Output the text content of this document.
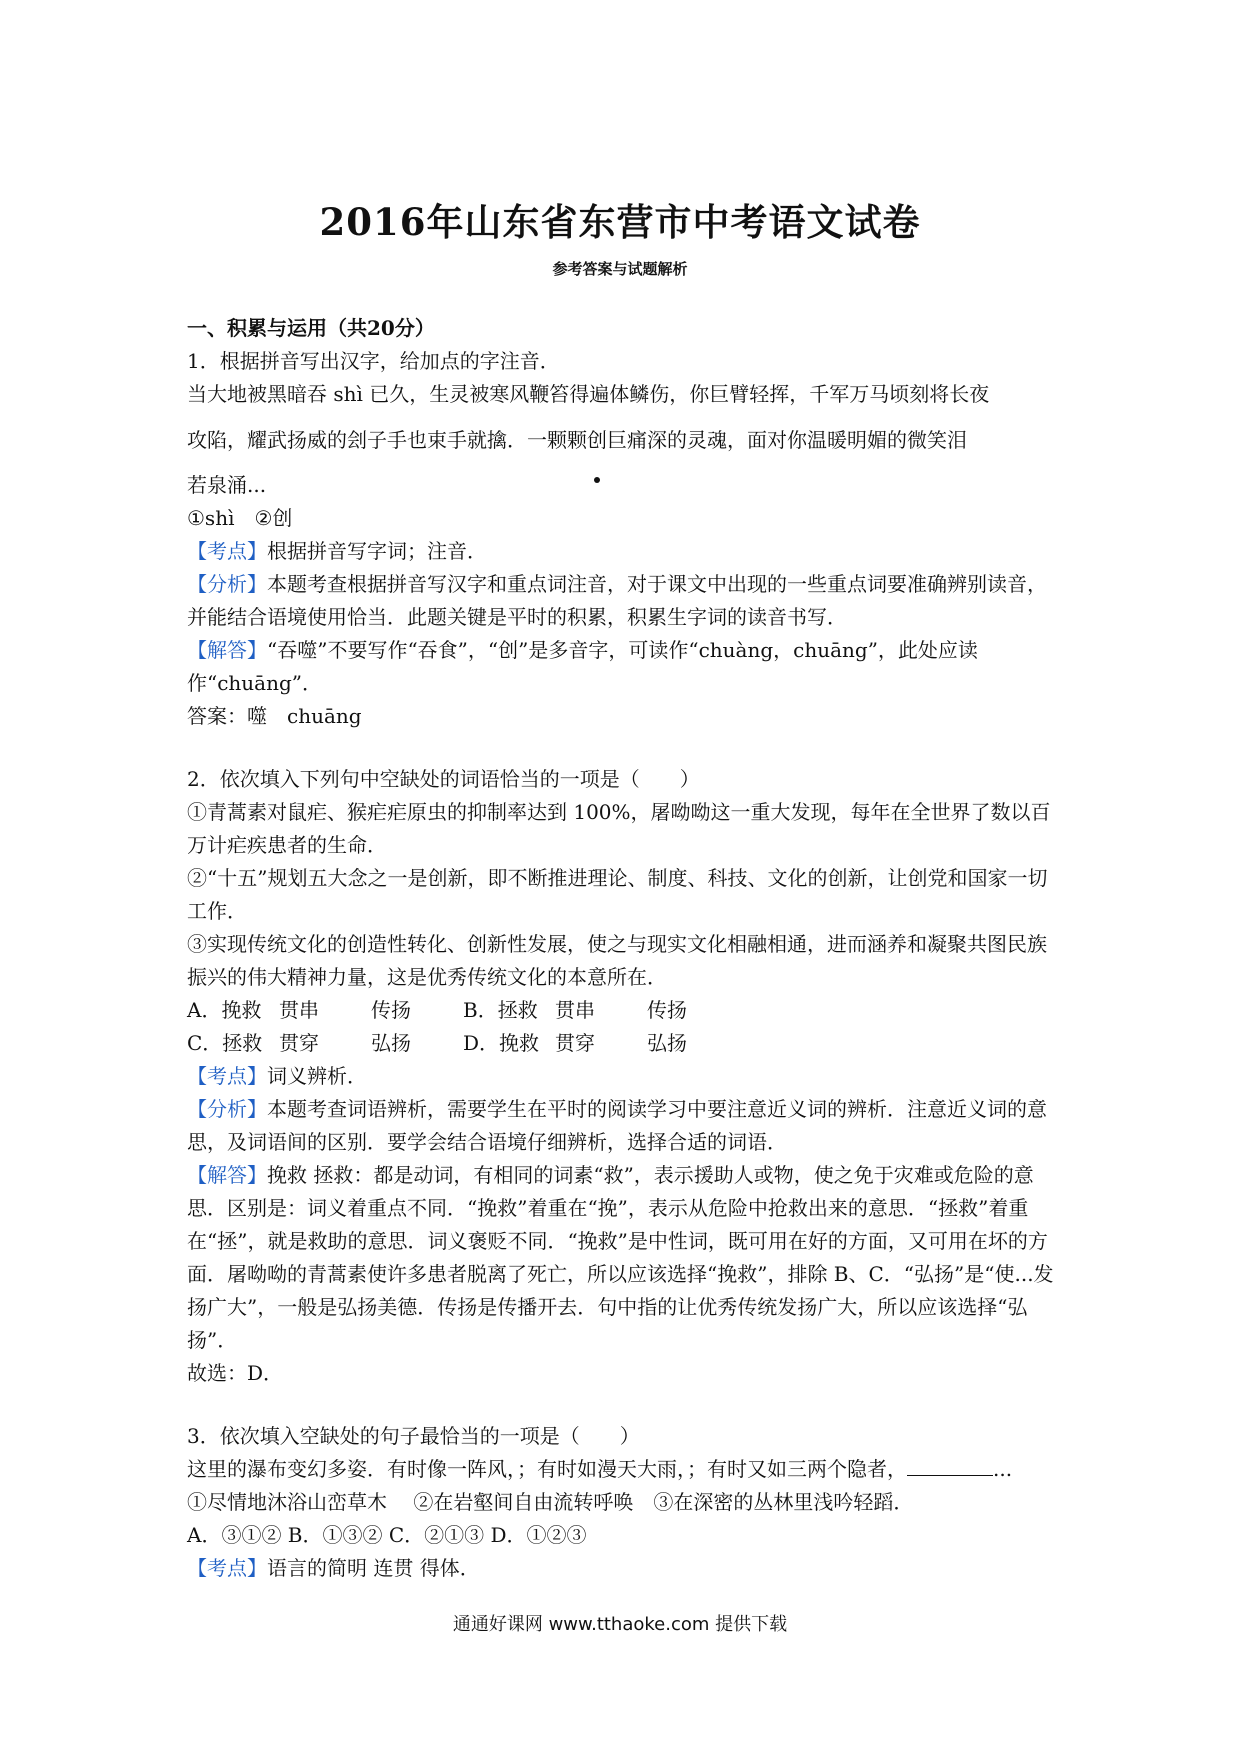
2016年山东省东营市中考语文试卷
参考答案与试题解析

一、积累与运用（共20分）

1．根据拼音写出汉字，给加点的字注音．

当大地被黑暗吞 shì 已久，生灵被寒风鞭笞得遍体鳞伤，你巨臂轻挥，千军万马顷刻将长夜

攻陷，耀武扬威的刽子手也束手就擒．一颗颗创
巨痛深的灵魂，面对你温暖明媚的微笑泪

若泉涌...

①shì　②创

【考点】根据拼音写字词；注音．

【分析】本题考查根据拼音写汉字和重点词注音，对于课文中出现的一些重点词要准确辨别读音，并能结合语境使用恰当．此题关键是平时的积累，积累生字词的读音书写．

【解答】“吞噬”不要写作“吞食”，“创”是多音字，可读作“chuàng，chuāng”，此处应读作“chuāng”．

答案：噬　chuāng

2．依次填入下列句中空缺处的词语恰当的一项是（　　）

①青蒿素对鼠疟、猴疟疟原虫的抑制率达到 100%，屠呦呦这一重大发现，每年在全世界了数以百万计疟疾患者的生命．

②“十五”规划五大念之一是创新，即不断推进理论、制度、科技、文化的创新，让创党和国家一切工作．

③实现传统文化的创造性转化、创新性发展，使之与现实文化相融相通，进而涵养和凝聚共图民族振兴的伟大精神力量，这是优秀传统文化的本意所在．

A．挽救 贯串	传扬	B．拯救 贯串	传扬

C．拯救 贯穿	弘扬	D．挽救 贯穿	弘扬

【考点】词义辨析．

【分析】本题考查词语辨析，需要学生在平时的阅读学习中要注意近义词的辨析．注意近义词的意思，及词语间的区别．要学会结合语境仔细辨析，选择合适的词语．

【解答】挽救 拯救：都是动词，有相同的词素“救”，表示援助人或物，使之免于灾难或危险的意思．区别是：词义着重点不同．“挽救”着重在“挽”，表示从危险中抢救出来的意思．“拯救”着重在“拯”，就是救助的意思．词义褒贬不同．“挽救”是中性词，既可用在好的方面，又可用在坏的方面．屠呦呦的青蒿素使许多患者脱离了死亡，所以应该选择“挽救”，排除 B、C．“弘扬”是“使...发扬广大”，一般是弘扬美德．传扬是传播开去．句中指的让优秀传统发扬广大，所以应该选择“弘扬”．

故选：D．

3．依次填入空缺处的句子最恰当的一项是（　　）

这里的瀑布变幻多姿．有时像一阵风，；有时如漫天大雨，；有时又如三两个隐者，	...

①尽情地沐浴山峦草木　 ②在岩壑间自由流转呼唤　③在深密的丛林里浅吟轻蹈．

A．③①② B．①③② C．②①③ D．①②③

【考点】语言的简明 连贯 得体．

通通好课网 www.tthaoke.com 提供下载
